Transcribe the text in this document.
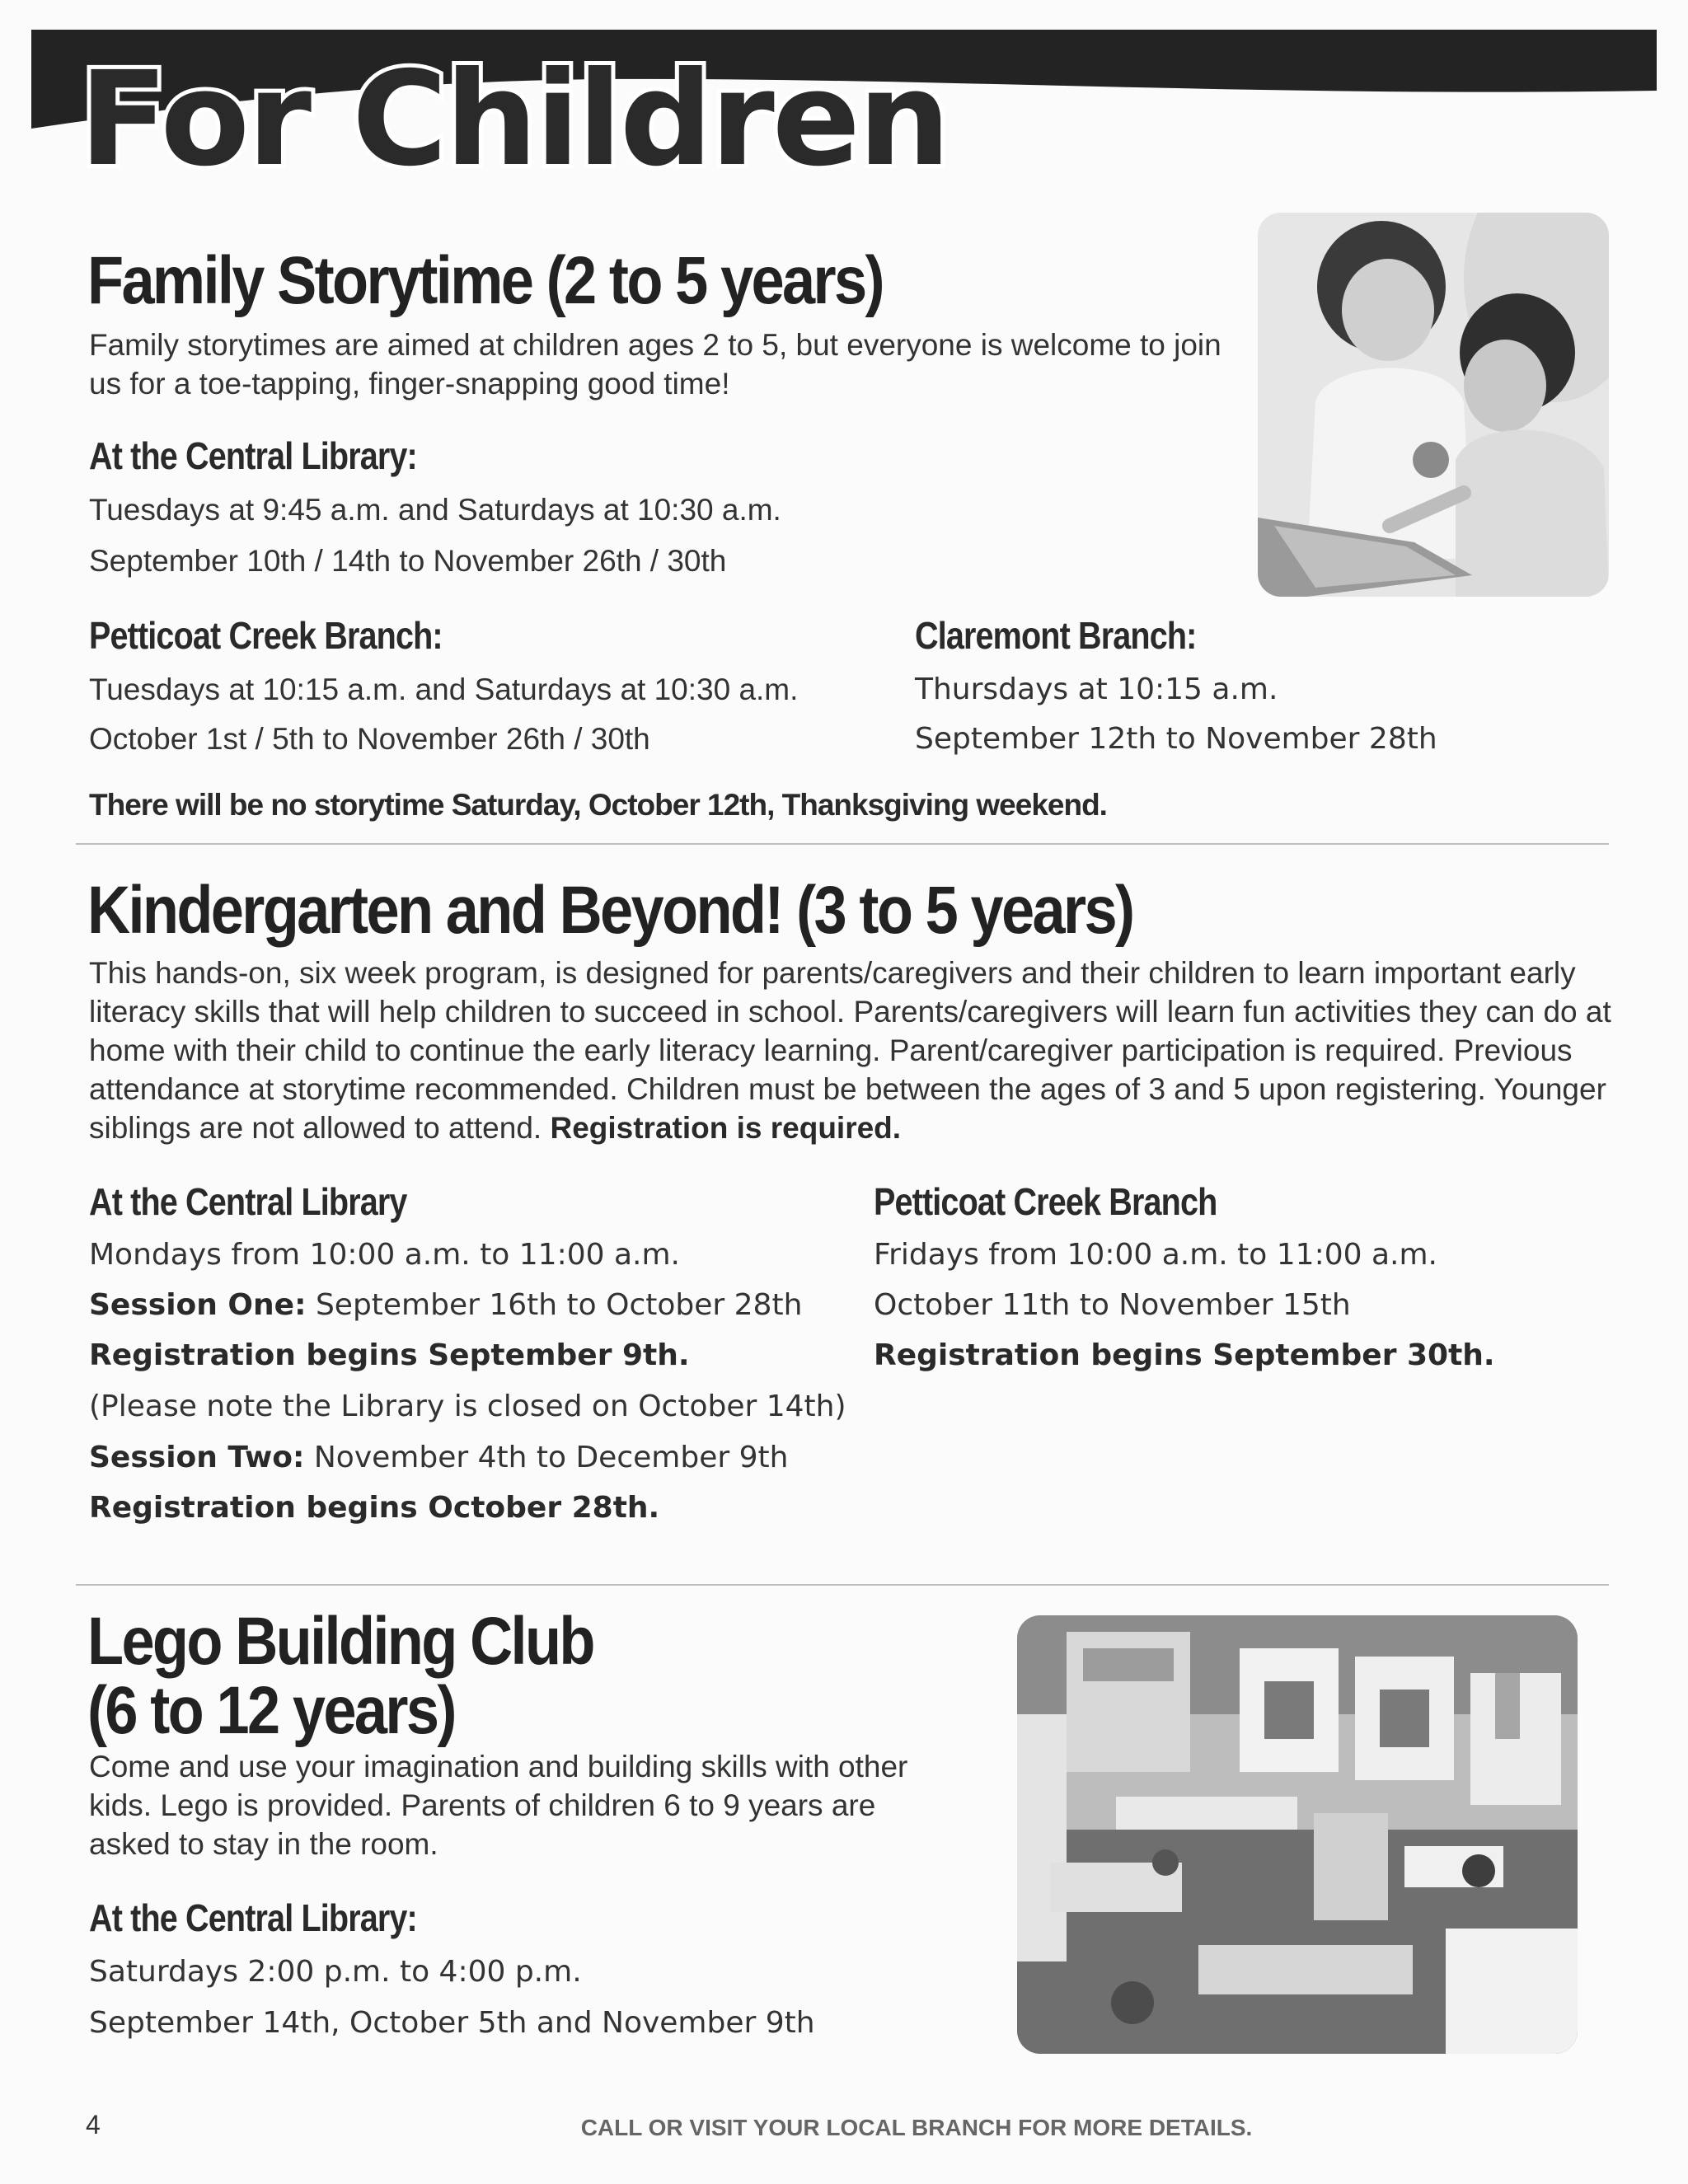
For Children
Family Storytime (2 to 5 years)

Family storytimes are aimed at children ages 2 to 5, but everyone is welcome to join us for a toe-tapping, finger-snapping good time!

At the Central Library:
Tuesdays at 9:45 a.m. and Saturdays at 10:30 a.m.
September 10th / 14th to November 26th / 30th
Petticoat Creek Branch:
Tuesdays at 10:15 a.m. and Saturdays at 10:30 a.m.
October 1st / 5th to November 26th / 30th
Claremont Branch:
Thursdays at 10:15 a.m.
September 12th to November 28th
There will be no storytime Saturday, October 12th, Thanksgiving weekend.
Kindergarten and Beyond! (3 to 5 years)

This hands-on, six week program, is designed for parents/caregivers and their children to learn important early literacy skills that will help children to succeed in school. Parents/caregivers will learn fun activities they can do at home with their child to continue the early literacy learning. Parent/caregiver participation is required. Previous attendance at storytime recommended. Children must be between the ages of 3 and 5 upon registering. Younger siblings are not allowed to attend. Registration is required.

At the Central Library
Mondays from 10:00 a.m. to 11:00 a.m.
Session One: September 16th to October 28th
Registration begins September 9th.
(Please note the Library is closed on October 14th)
Session Two: November 4th to December 9th
Registration begins October 28th.
Petticoat Creek Branch
Fridays from 10:00 a.m. to 11:00 a.m.
October 11th to November 15th
Registration begins September 30th.
Lego Building Club
(6 to 12 years)

Come and use your imagination and building skills with other kids. Lego is provided. Parents of children 6 to 9 years are asked to stay in the room.

At the Central Library:
Saturdays 2:00 p.m. to 4:00 p.m.
September 14th, October 5th and November 9th
4	CALL OR VISIT YOUR LOCAL BRANCH FOR MORE DETAILS.
